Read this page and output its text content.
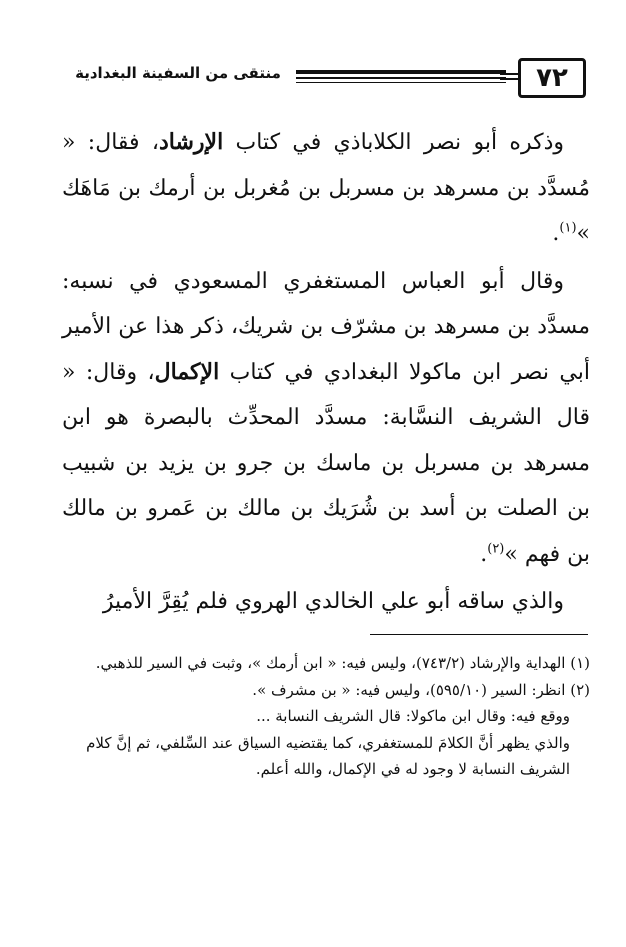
٧٢
منتقى من السفينة البغدادية

وذكره أبو نصر الكلاباذي في كتاب الإرشاد، فقال: « مُسدَّد بن مسرهد بن مسربل بن مُغربل بن أرمك بن مَاهَك »$^{(١)}$.

وقال أبو العباس المستغفري المسعودي في نسبه: مسدَّد بن مسرهد بن مشرّف بن شريك، ذكر هذا عن الأمير أبي نصر ابن ماكولا البغدادي في كتاب الإكمال، وقال: « قال الشريف النسَّابة: مسدَّد المحدِّث بالبصرة هو ابن مسرهد بن مسربل بن ماسك بن جرو بن يزيد بن شبيب بن الصلت بن أسد بن شُرَيك بن مالك بن عَمرو بن مالك بن فهم »$^{(٢)}$.

والذي ساقه أبو علي الخالدي الهروي فلم يُقِرَّ الأميرُ

(١) الهداية والإرشاد (٧٤٣/٢)، وليس فيه: « ابن أرمك »، وثبت في السير للذهبي.

(٢) انظر: السير (٥٩٥/١٠)، وليس فيه: « بن مشرف ».

ووقع فيه: وقال ابن ماكولا: قال الشريف النسابة ...

والذي يظهر أنَّ الكلامَ للمستغفري، كما يقتضيه السياق عند السِّلفي، ثم إنَّ كلام الشريف النسابة لا وجود له في الإكمال، والله أعلم.
